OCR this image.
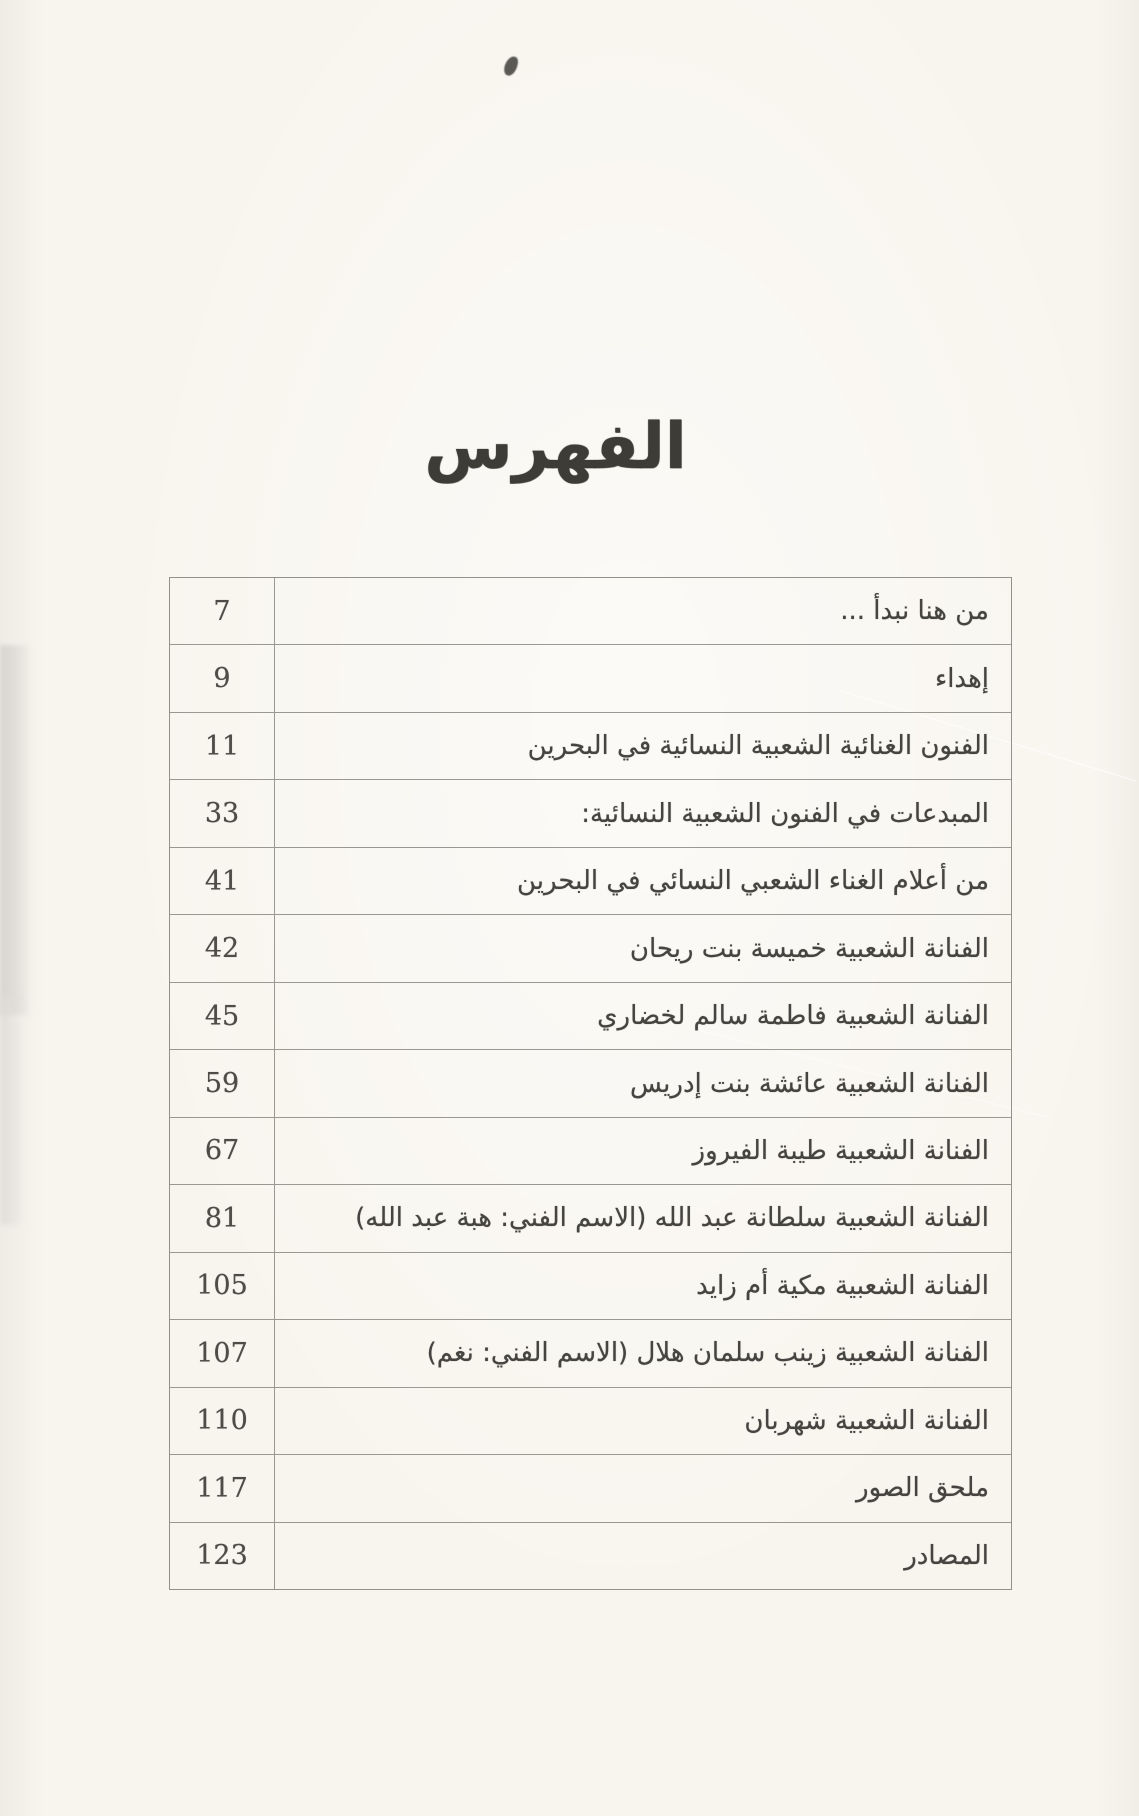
الفهرس
7	من هنا نبدأ ...
9	إهداء
11	الفنون الغنائية الشعبية النسائية في البحرين
33	المبدعات في الفنون الشعبية النسائية:
41	من أعلام الغناء الشعبي النسائي في البحرين
42	الفنانة الشعبية خميسة بنت ريحان
45	الفنانة الشعبية فاطمة سالم لخضاري
59	الفنانة الشعبية عائشة بنت إدريس
67	الفنانة الشعبية طيبة الفيروز
81	الفنانة الشعبية سلطانة عبد الله (الاسم الفني: هبة عبد الله)
105	الفنانة الشعبية مكية أم زايد
107	الفنانة الشعبية زينب سلمان هلال (الاسم الفني: نغم)
110	الفنانة الشعبية شهربان
117	ملحق الصور
123	المصادر
